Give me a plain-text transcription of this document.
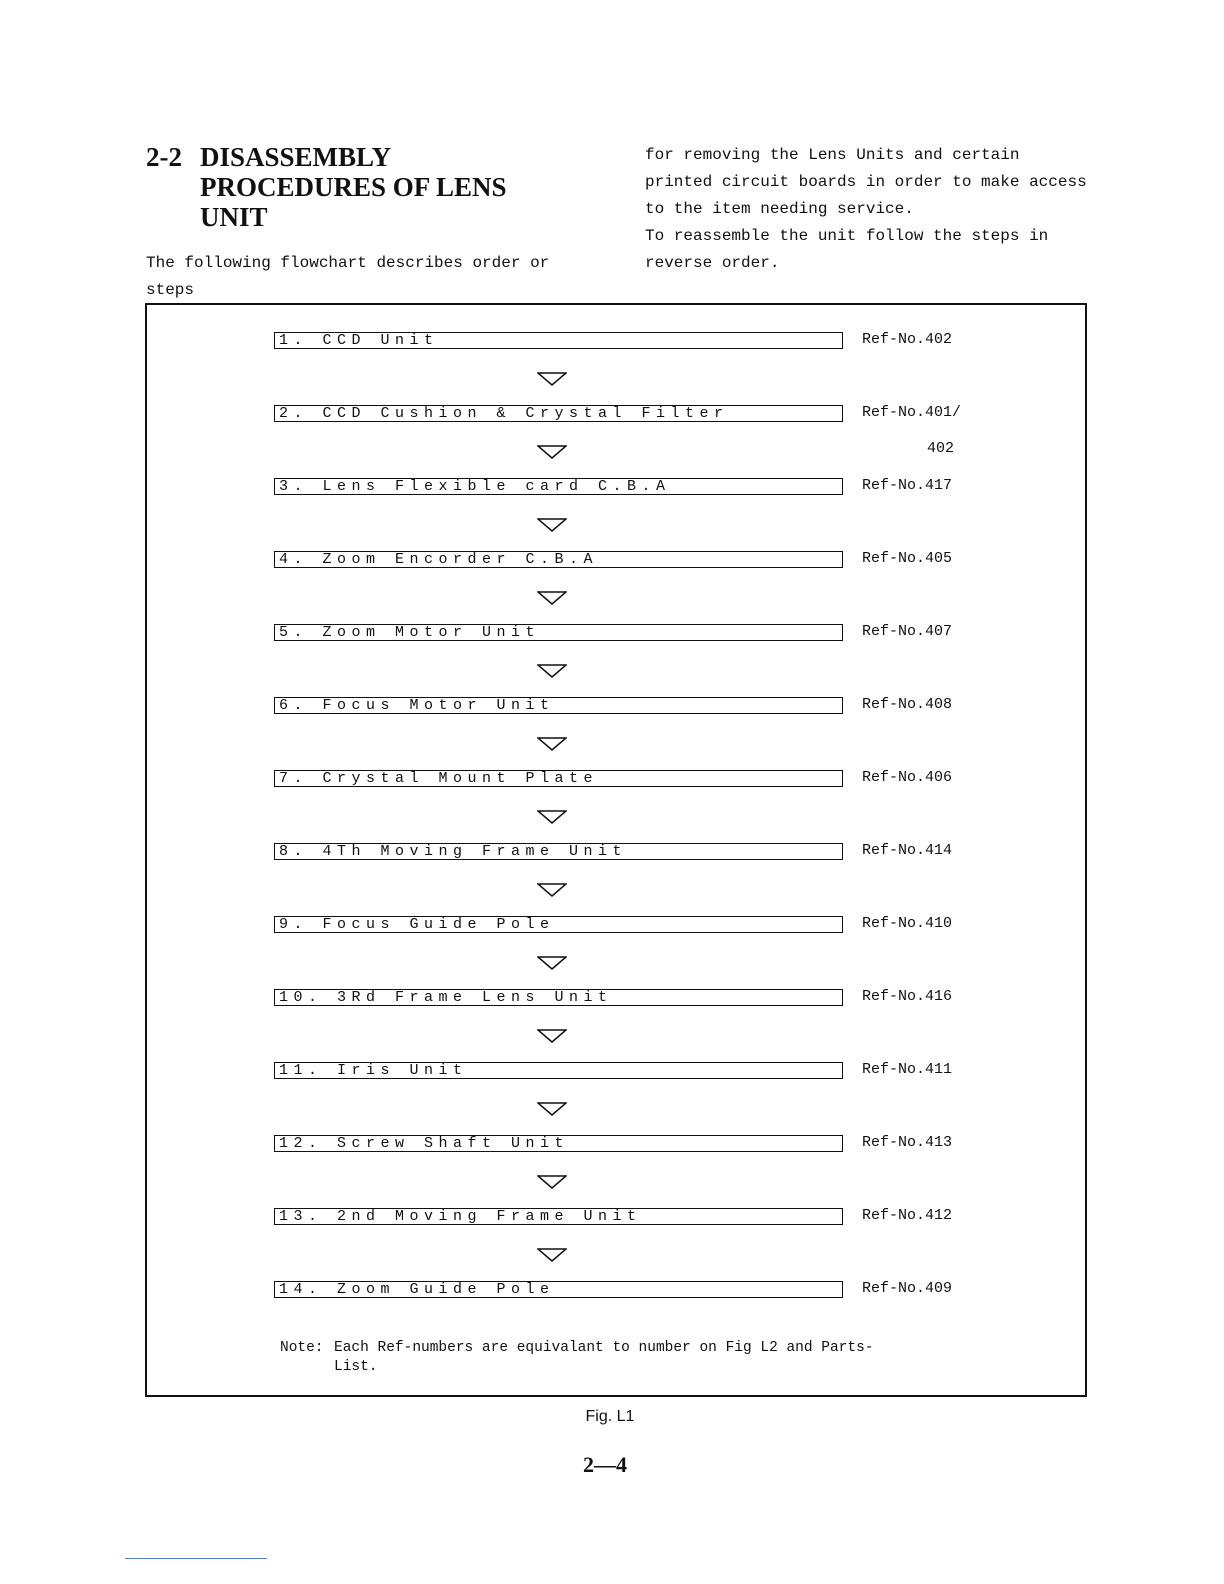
2-2 DISASSEMBLY PROCEDURES OF LENS UNIT
The following flowchart describes order or steps

for removing the Lens Units and certain printed circuit boards in order to make access to the item needing service.

To reassemble the unit follow the steps in reverse order.

1. CCD Unit	Ref-No.402
2. CCD Cushion & Crystal Filter	Ref-No.401/
402
3. Lens Flexible card C.B.A	Ref-No.417
4. Zoom Encorder C.B.A	Ref-No.405
5. Zoom Motor Unit	Ref-No.407
6. Focus Motor Unit	Ref-No.408
7. Crystal Mount Plate	Ref-No.406
8. 4Th Moving Frame Unit	Ref-No.414
9. Focus Guide Pole	Ref-No.410
10. 3Rd Frame Lens Unit	Ref-No.416
11. Iris Unit	Ref-No.411
12. Screw Shaft Unit	Ref-No.413
13. 2nd Moving Frame Unit	Ref-No.412
14. Zoom Guide Pole	Ref-No.409
Note: Each Ref-numbers are equivalant to number on Fig L2 and Parts-List.
Fig. L1
2—4
